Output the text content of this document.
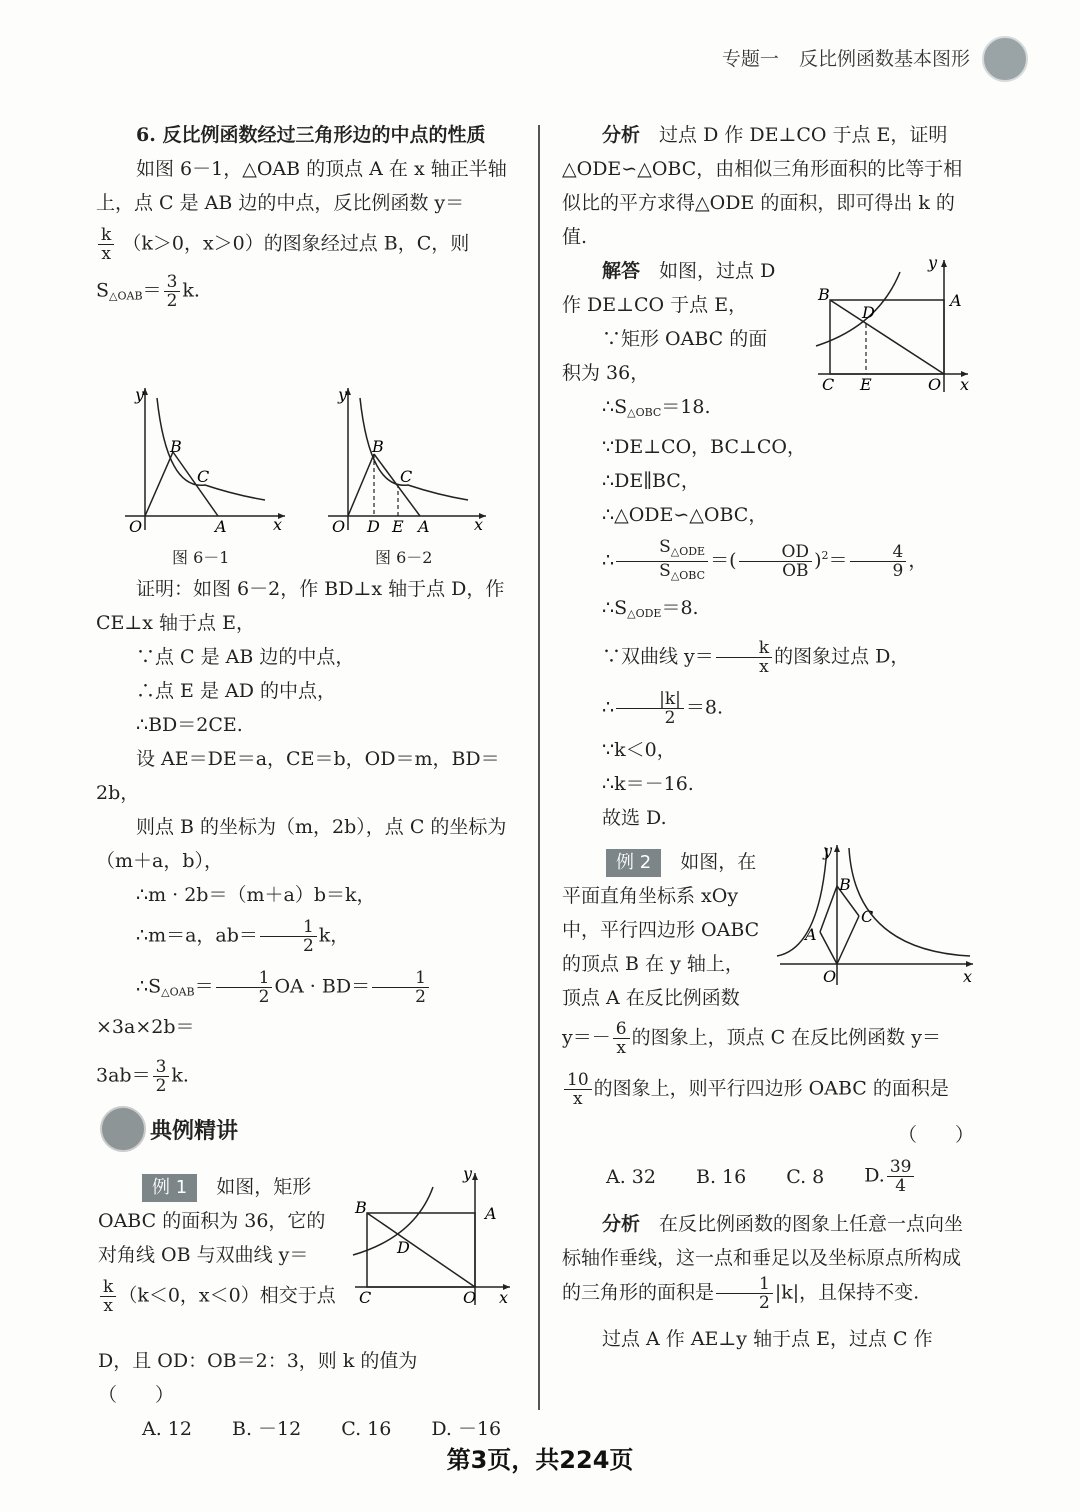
专题一 反比例函数基本图形

6. 反比例函数经过三角形边的中点的性质

如图 6－1，△OAB 的顶点 A 在 x 轴正半轴上，点 C 是 AB 边的中点，反比例函数 y＝

$\frac{k}{x} (k>0$，x＞0）的图象经过点 B，C，则

$S_{\triangle OAB}= \frac{3}{2} k$.

y
x
O
B
C
A
图 6－1
y
x
O
B
C
D E A
图 6－2

证明：如图 6－2，作 BD⊥x 轴于点 D，作 CE⊥x 轴于点 E，

∵点 C 是 AB 边的中点，

∴点 E 是 AD 的中点，

∴BD＝2CE.

设 AE＝DE＝a，CE＝b，OD＝m，BD＝2b，

则点 B 的坐标为（m，2b），点 C 的坐标为（m＋a，b），

∴m · 2b＝（m＋a）b＝k，

∴m＝a，$ab= \frac{1}{2}$ k，

$\therefore S_{\triangle OAB}= \frac{1}{2}$ OA · $BD= \frac{1}{2}$
×3a×2b＝

$3ab= \frac{3}{2} k$.

典例精讲

例 1　 如图，矩形

OABC 的面积为 36，它的

对角线 OB 与双曲线 y＝

$\frac{k}{x} (k<0$，x＜0）相交于点

D，且 OD：OB＝2：3，则 k 的值为　　（　　）

A. 12 B. －12 C. 16 D. －16
y
x
B	A
D
C	O

分析　 过点 D 作 DE⊥CO 于点 E，证明△ODE∽△OBC，由相似三角形面积的比等于相似比的平方求得△ODE 的面积，即可得出 k 的值.

解答　 如图，过点 D

作 DE⊥CO 于点 E，

∵矩形 OABC 的面

积为 36，

y
x
B	A
D
C E	O

$\therefore S_{\triangle OBC}=18$.

∵DE⊥CO，BC⊥CO，

∴DE∥BC，

∴△ODE∽△OBC，

∴ $\frac{S_{\triangle ODE}}{S_{\triangle OBC}}$ ＝( $\frac{OD}{OB} )^2= \frac{4}{9}$ ，

$\therefore S_{\triangle ODE}=8$.

∵双曲线 $y= \frac{k}{x}$ 的图象过点 D，

∴ $\frac{|k|}{2} =8$.

∵k＜0，

∴k＝－16.

故选 D.

例 2　 如图，在

平面直角坐标系 xOy

中，平行四边形 OABC

的顶点 B 在 y 轴上，

顶点 A 在反比例函数

y
x
B
A
C
O

$y=- \frac{6}{x}$ 的图象上，顶点 C 在反比例函数 y＝

$\frac{10}{x}$ 的图象上，则平行四边形 OABC 的面积是

（　　）

A. 32 B. 16 C. 8 D. $\frac{39}{4}$

分析　 在反比例函数的图象上任意一点向坐标轴作垂线，这一点和垂足以及坐标原点所构成的三角形的面积是 $\frac{1}{2} |k|$，且保持不变.

过点 A 作 AE⊥y 轴于点 E，过点 C 作

第3页，共224页
